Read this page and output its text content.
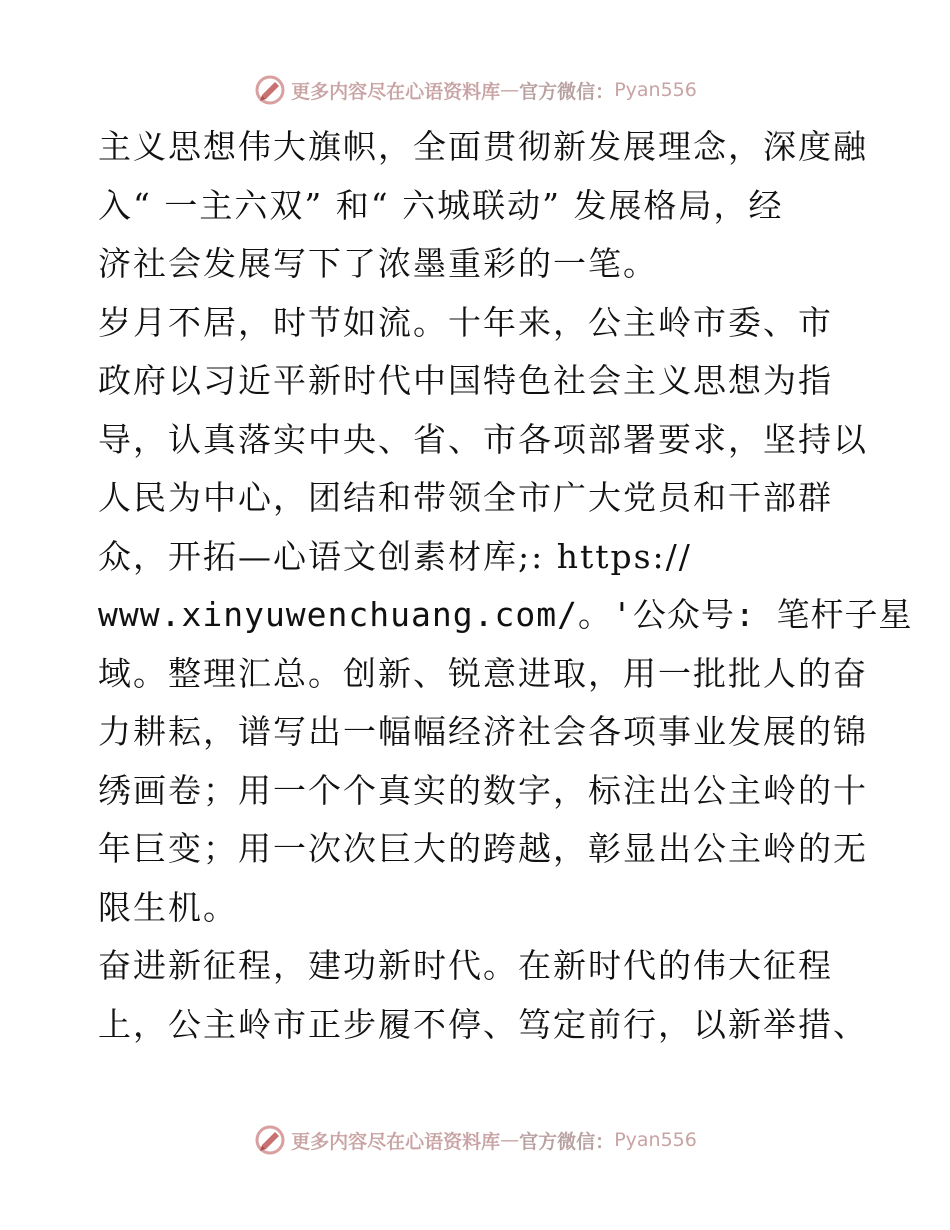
更多内容尽在心语资料库 — 官方微信： Pyan556
主义思想伟大旗帜，全面贯彻新发展理念，深度融
入“ 一主六双” 和“ 六城联动” 发展格局，经
济社会发展写下了浓墨重彩的一笔。
岁月不居，时节如流。十年来，公主岭市委、市
政府以习近平新时代中国特色社会主义思想为指
导，认真落实中央、省、市各项部署要求，坚持以
人民为中心，团结和带领全市广大党员和干部群
众，开拓—心语文创素材库;: https://
www.xinyuwenchuang.com/。'公众号: 笔杆子星
域。整理汇总。创新、锐意进取，用一批批人的奋
力耕耘，谱写出一幅幅经济社会各项事业发展的锦
绣画卷；用一个个真实的数字，标注出公主岭的十
年巨变；用一次次巨大的跨越，彰显出公主岭的无
限生机。
奋进新征程，建功新时代。在新时代的伟大征程
上，公主岭市正步履不停、笃定前行，以新举措、
更多内容尽在心语资料库 — 官方微信： Pyan556
